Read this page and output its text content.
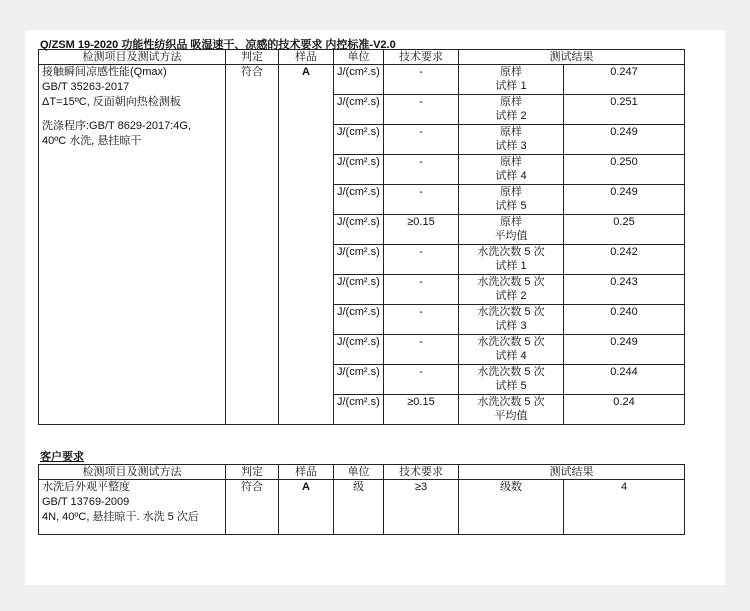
Q/ZSM 19-2020 功能性纺织品 吸湿速干、凉感的技术要求 内控标准-V2.0
检测项目及测试方法	判定	样品	单位	技术要求	测试结果	

接触瞬间凉感性能(Qmax)
GB/T 35263-2017
ΔT=15ºC, 反面朝向热检测板
洗涤程序:GB/T 8629-2017:4G,
40ºC 水洗, 悬挂晾干	符合	A	J/(cm².s)	-	原样
试样 1	0.247
			J/(cm².s)	-	原样
试样 2	0.251
			J/(cm².s)	-	原样
试样 3	0.249
			J/(cm².s)	-	原样
试样 4	0.250
			J/(cm².s)	-	原样
试样 5	0.249
			J/(cm².s)	≥0.15	原样
平均值	0.25
			J/(cm².s)	-	水洗次数 5 次
试样 1	0.242
			J/(cm².s)	-	水洗次数 5 次
试样 2	0.243
			J/(cm².s)	-	水洗次数 5 次
试样 3	0.240
			J/(cm².s)	-	水洗次数 5 次
试样 4	0.249
			J/(cm².s)	-	水洗次数 5 次
试样 5	0.244
			J/(cm².s)	≥0.15	水洗次数 5 次
平均值	0.24
客户要求
检测项目及测试方法	判定	样品	单位	技术要求	测试结果	

水洗后外观平整度
GB/T 13769-2009
4N, 40ºC, 悬挂晾干. 水洗 5 次后	符合	A	级	≥3	级数	4
